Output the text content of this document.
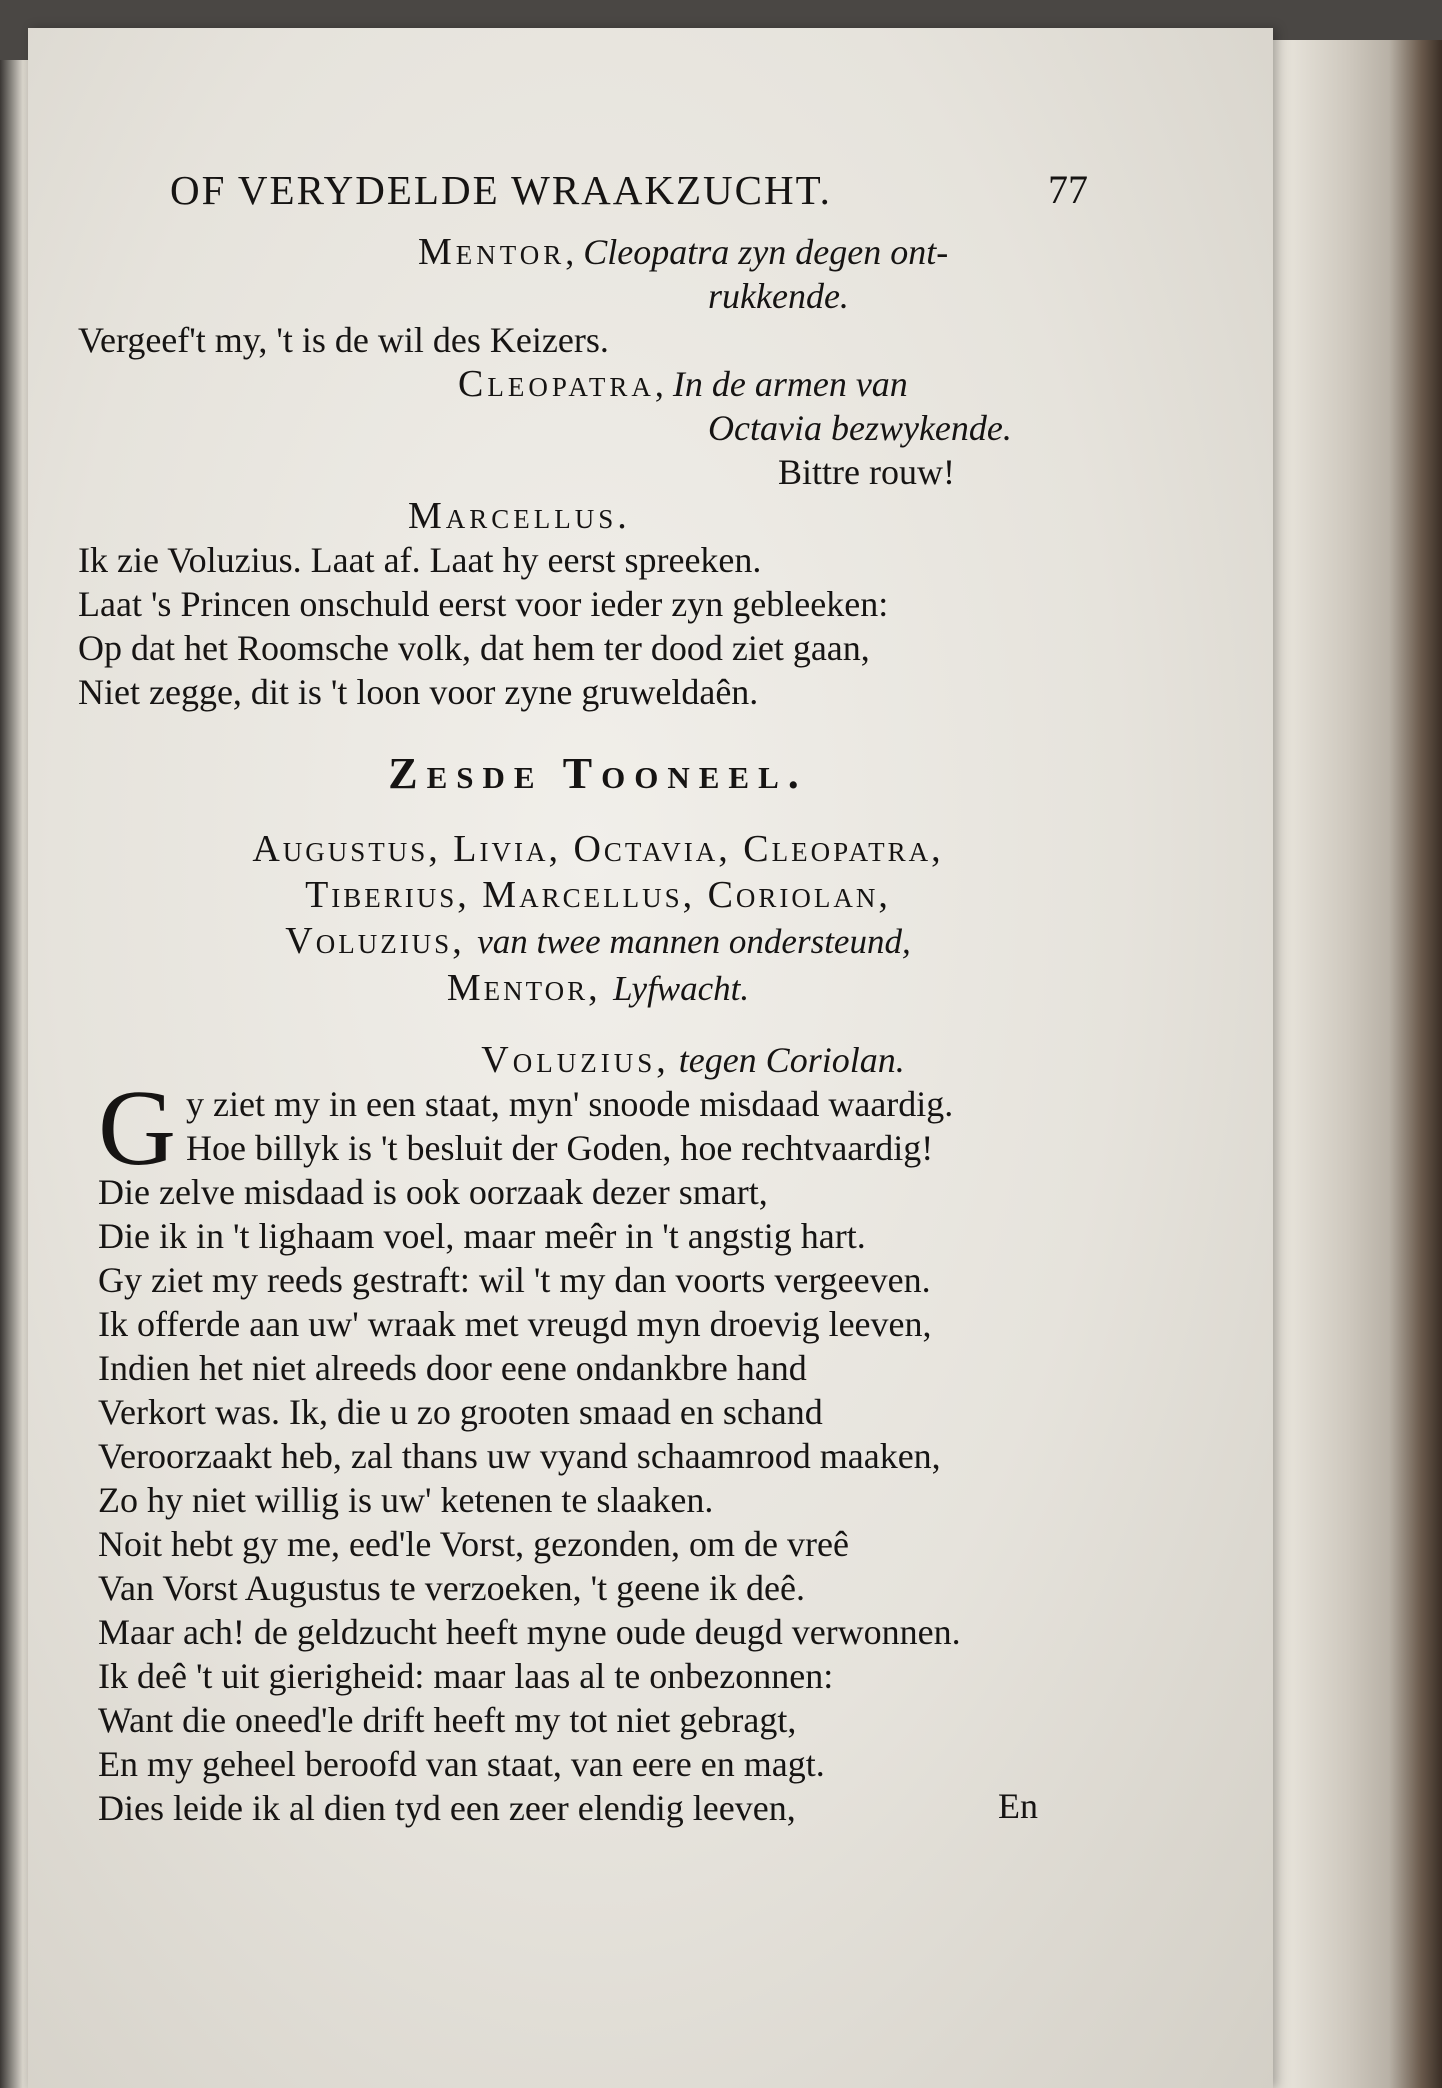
OF VERYDELDE WRAAKZUCHT.	77
Mentor, Cleopatra zyn degen ont-
rukkende.
Vergeef't my, 't is de wil des Keizers.
Cleopatra, In de armen van
Octavia bezwykende.
Bittre rouw!
Marcellus.
Ik zie Voluzius. Laat af. Laat hy eerst spreeken.
Laat 's Princen onschuld eerst voor ieder zyn gebleeken:
Op dat het Roomsche volk, dat hem ter dood ziet gaan,
Niet zegge, dit is 't loon voor zyne gruweldaên.
Zesde Tooneel.
Augustus, Livia, Octavia, Cleopatra,
Tiberius, Marcellus, Coriolan,
Voluzius, van twee mannen ondersteund,
Mentor, Lyfwacht.
Voluzius, tegen Coriolan.
G y ziet my in een staat, myn' snoode misdaad waardig.
Hoe billyk is 't besluit der Goden, hoe rechtvaardig!
Die zelve misdaad is ook oorzaak dezer smart,
Die ik in 't lighaam voel, maar meêr in 't angstig hart.
Gy ziet my reeds gestraft: wil 't my dan voorts vergeeven.
Ik offerde aan uw' wraak met vreugd myn droevig leeven,
Indien het niet alreeds door eene ondankbre hand
Verkort was. Ik, die u zo grooten smaad en schand
Veroorzaakt heb, zal thans uw vyand schaamrood maaken,
Zo hy niet willig is uw' ketenen te slaaken.
Noit hebt gy me, eed'le Vorst, gezonden, om de vreê
Van Vorst Augustus te verzoeken, 't geene ik deê.
Maar ach! de geldzucht heeft myne oude deugd verwonnen.
Ik deê 't uit gierigheid: maar laas al te onbezonnen:
Want die oneed'le drift heeft my tot niet gebragt,
En my geheel beroofd van staat, van eere en magt.
Dies leide ik al dien tyd een zeer elendig leeven,	En
